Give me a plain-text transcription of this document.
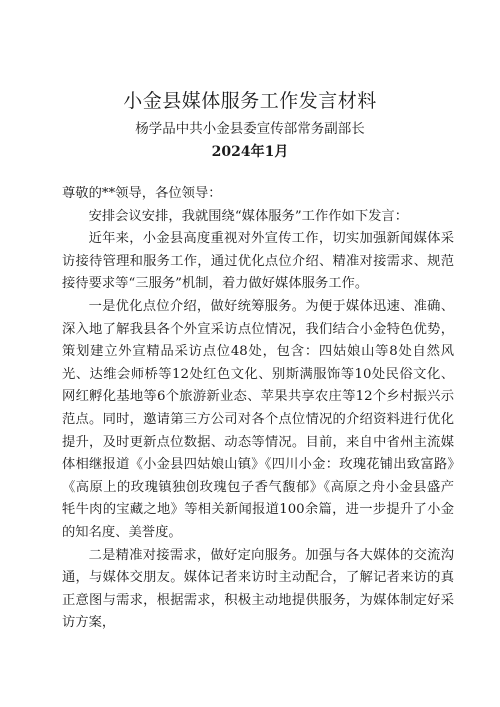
小金县媒体服务工作发言材料
杨学品中共小金县委宣传部常务副部长
2024年1月

尊敬的**领导，各位领导：

安排会议安排，我就围绕“媒体服务”工作作如下发言：

近年来，小金县高度重视对外宣传工作，切实加强新闻媒体采访接待管理和服务工作，通过优化点位介绍、精准对接需求、规范接待要求等“三服务”机制，着力做好媒体服务工作。

一是优化点位介绍，做好统筹服务。为便于媒体迅速、准确、深入地了解我县各个外宣采访点位情况，我们结合小金特色优势，策划建立外宣精品采访点位48处，包含：四姑娘山等8处自然风光、达维会师桥等12处红色文化、别斯满服饰等10处民俗文化、网红孵化基地等6个旅游新业态、苹果共享农庄等12个乡村振兴示范点。同时，邀请第三方公司对各个点位情况的介绍资料进行优化提升，及时更新点位数据、动态等情况。目前，来自中省州主流媒体相继报道《小金县四姑娘山镇》《四川小金：玫瑰花铺出致富路》《高原上的玫瑰镇独创玫瑰包子香气馥郁》《高原之舟小金县盛产牦牛肉的宝藏之地》等相关新闻报道100余篇，进一步提升了小金的知名度、美誉度。

二是精准对接需求，做好定向服务。加强与各大媒体的交流沟通，与媒体交朋友。媒体记者来访时主动配合，了解记者来访的真正意图与需求，根据需求，积极主动地提供服务，为媒体制定好采访方案，
